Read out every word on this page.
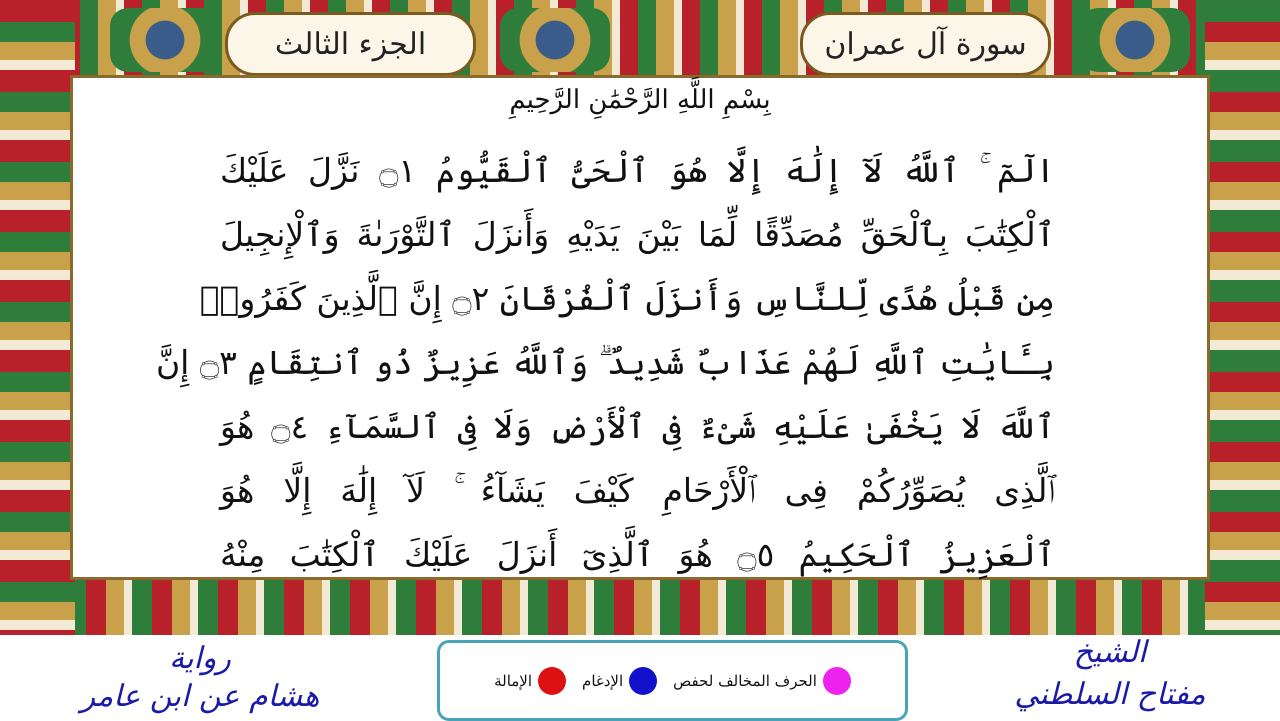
سورة آل عمران
الجزء الثالث
بِسْمِ اللَّهِ الرَّحْمَٰنِ الرَّحِيمِ
الٓمٓ ۚ ٱللَّهُ لَآ إِلَٰهَ إِلَّا هُوَ ٱلْحَىُّ ٱلْقَيُّومُ ۝١ نَزَّلَ عَلَيْكَ
ٱلْكِتَٰبَ بِٱلْحَقِّ مُصَدِّقًا لِّمَا بَيْنَ يَدَيْهِ وَأَنزَلَ ٱلتَّوْرَىٰةَ وَٱلْإِنجِيلَ
مِن قَبْلُ هُدًى لِّلنَّاسِ وَأَنزَلَ ٱلْفُرْقَانَ ۝٢ إِنَّ ٱلَّذِينَ كَفَرُوا۟
بِـَٔايَٰتِ ٱللَّهِ لَهُمْ عَذَابٌ شَدِيدٌ ۗ وَٱللَّهُ عَزِيزٌ ذُو ٱنتِقَامٍ ۝٣ إِنَّ
ٱللَّهَ لَا يَخْفَىٰ عَلَيْهِ شَىْءٌ فِى ٱلْأَرْضِ وَلَا فِى ٱلسَّمَآءِ ۝٤ هُوَ
ٱلَّذِى يُصَوِّرُكُمْ فِى ٱلْأَرْحَامِ كَيْفَ يَشَآءُ ۚ لَآ إِلَٰهَ إِلَّا هُوَ
ٱلْعَزِيزُ ٱلْحَكِيمُ ۝٥ هُوَ ٱلَّذِىٓ أَنزَلَ عَلَيْكَ ٱلْكِتَٰبَ مِنْهُ
الحرف المخالف لحفص
الإدغام
الإمالة
رواية
هشام عن ابن عامر
الشيخ
مفتاح السلطني
